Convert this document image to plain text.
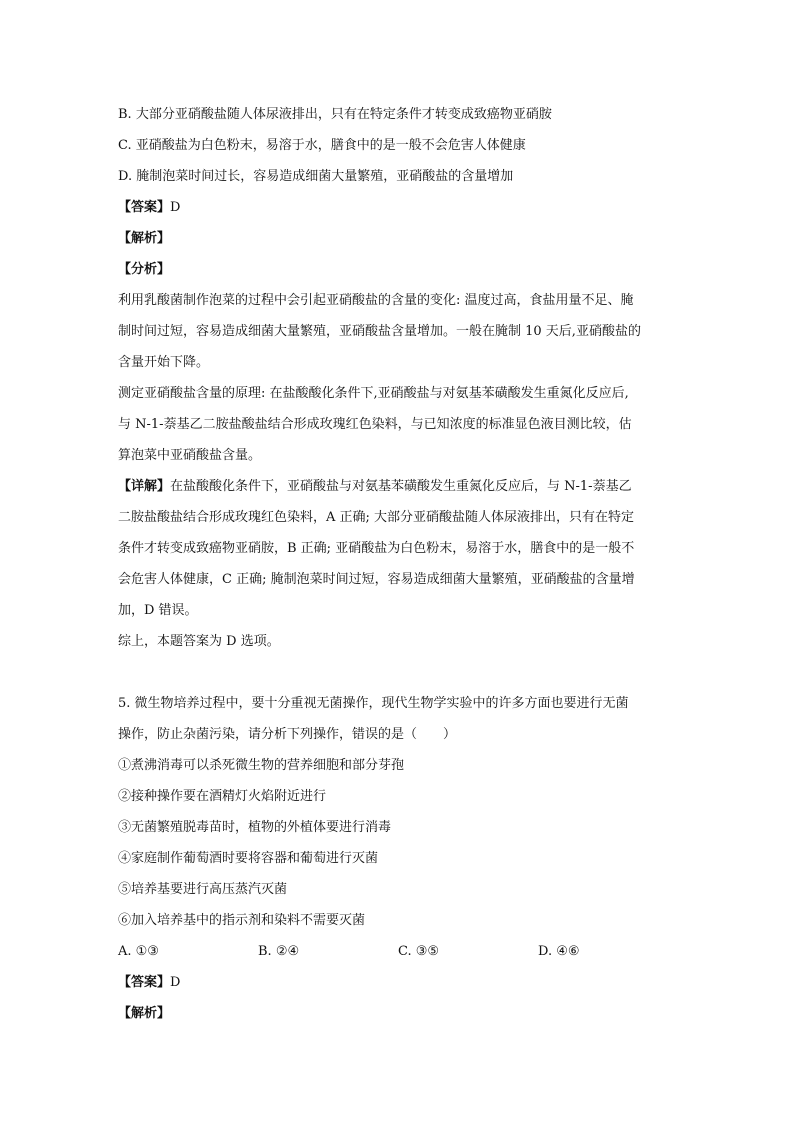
B. 大部分亚硝酸盐随人体尿液排出，只有在特定条件才转变成致癌物亚硝胺
C. 亚硝酸盐为白色粉末，易溶于水，膳食中的是一般不会危害人体健康
D. 腌制泡菜时间过长，容易造成细菌大量繁殖，亚硝酸盐的含量增加
【答案】D
【解析】
【分析】
利用乳酸菌制作泡菜的过程中会引起亚硝酸盐的含量的变化: 温度过高，食盐用量不足、腌
制时间过短，容易造成细菌大量繁殖，亚硝酸盐含量增加。一般在腌制 10 天后,亚硝酸盐的
含量开始下降。
测定亚硝酸盐含量的原理: 在盐酸酸化条件下,亚硝酸盐与对氨基苯磺酸发生重氮化反应后,
与 N-1-萘基乙二胺盐酸盐结合形成玫瑰红色染料，与已知浓度的标准显色液目测比较，估
算泡菜中亚硝酸盐含量。
【详解】在盐酸酸化条件下，亚硝酸盐与对氨基苯磺酸发生重氮化反应后，与 N-1-萘基乙
二胺盐酸盐结合形成玫瑰红色染料，A 正确; 大部分亚硝酸盐随人体尿液排出，只有在特定
条件才转变成致癌物亚硝胺，B 正确; 亚硝酸盐为白色粉末，易溶于水，膳食中的是一般不
会危害人体健康，C 正确; 腌制泡菜时间过短，容易造成细菌大量繁殖，亚硝酸盐的含量增
加，D 错误。
综上，本题答案为 D 选项。
5. 微生物培养过程中，要十分重视无菌操作，现代生物学实验中的许多方面也要进行无菌
操作，防止杂菌污染，请分析下列操作，错误的是（　　）
①煮沸消毒可以杀死微生物的营养细胞和部分芽孢
②接种操作要在酒精灯火焰附近进行
③无菌繁殖脱毒苗时，植物的外植体要进行消毒
④家庭制作葡萄酒时要将容器和葡萄进行灭菌
⑤培养基要进行高压蒸汽灭菌
⑥加入培养基中的指示剂和染料不需要灭菌
A. ①③	B. ②④	C. ③⑤	D. ④⑥
【答案】D
【解析】
